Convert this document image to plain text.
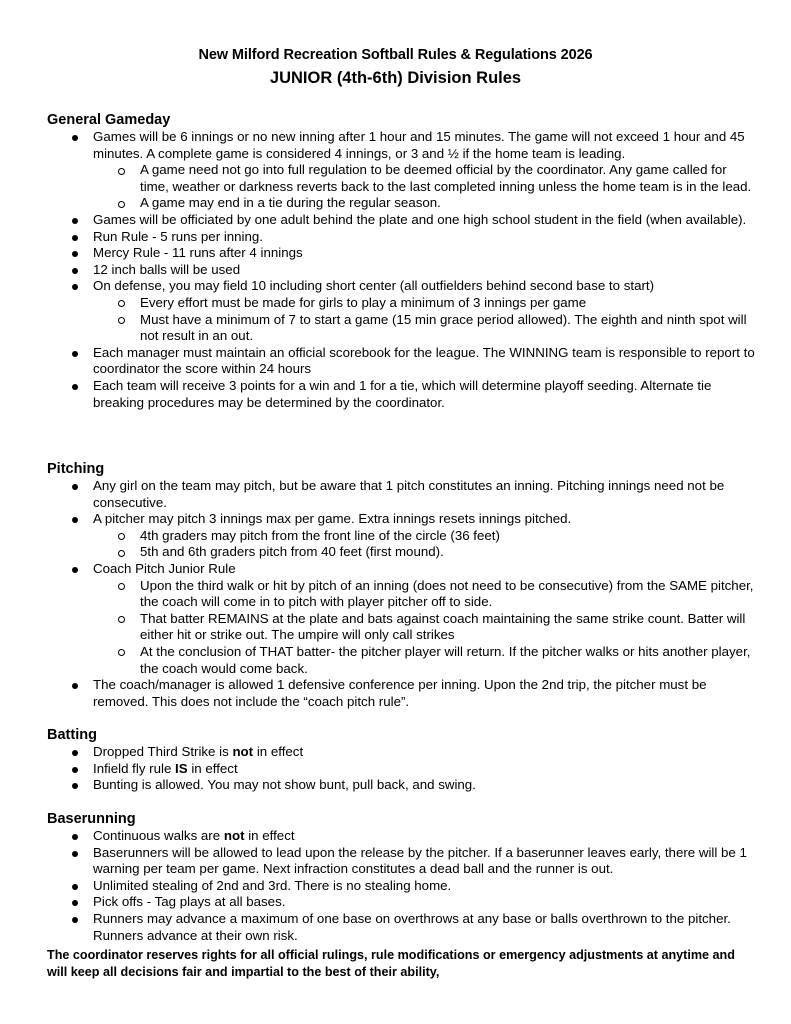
New Milford Recreation Softball Rules & Regulations 2026
JUNIOR (4th-6th) Division Rules
General Gameday
Games will be 6 innings or no new inning after 1 hour and 15 minutes. The game will not exceed 1 hour and 45 minutes. A complete game is considered 4 innings, or 3 and ½ if the home team is leading.
A game need not go into full regulation to be deemed official by the coordinator. Any game called for time, weather or darkness reverts back to the last completed inning unless the home team is in the lead.
A game may end in a tie during the regular season.
Games will be officiated by one adult behind the plate and one high school student in the field (when available).
Run Rule - 5 runs per inning.
Mercy Rule - 11 runs after 4 innings
12 inch balls will be used
On defense, you may field 10 including short center (all outfielders behind second base to start)
Every effort must be made for girls to play a minimum of 3 innings per game
Must have a minimum of 7 to start a game (15 min grace period allowed). The eighth and ninth spot will not result in an out.
Each manager must maintain an official scorebook for the league. The WINNING team is responsible to report to coordinator the score within 24 hours
Each team will receive 3 points for a win and 1 for a tie, which will determine playoff seeding. Alternate tie breaking procedures may be determined by the coordinator.
Pitching
Any girl on the team may pitch, but be aware that 1 pitch constitutes an inning. Pitching innings need not be consecutive.
A pitcher may pitch 3 innings max per game. Extra innings resets innings pitched.
4th graders may pitch from the front line of the circle (36 feet)
5th and 6th graders pitch from 40 feet (first mound).
Coach Pitch Junior Rule
Upon the third walk or hit by pitch of an inning (does not need to be consecutive) from the SAME pitcher, the coach will come in to pitch with player pitcher off to side.
That batter REMAINS at the plate and bats against coach maintaining the same strike count. Batter will either hit or strike out. The umpire will only call strikes
At the conclusion of THAT batter- the pitcher player will return. If the pitcher walks or hits another player, the coach would come back.
The coach/manager is allowed 1 defensive conference per inning. Upon the 2nd trip, the pitcher must be removed. This does not include the “coach pitch rule”.
Batting
Dropped Third Strike is not in effect
Infield fly rule IS in effect
Bunting is allowed. You may not show bunt, pull back, and swing.
Baserunning
Continuous walks are not in effect
Baserunners will be allowed to lead upon the release by the pitcher. If a baserunner leaves early, there will be 1 warning per team per game. Next infraction constitutes a dead ball and the runner is out.
Unlimited stealing of 2nd and 3rd. There is no stealing home.
Pick offs - Tag plays at all bases.
Runners may advance a maximum of one base on overthrows at any base or balls overthrown to the pitcher. Runners advance at their own risk.
The coordinator reserves rights for all official rulings, rule modifications or emergency adjustments at anytime and will keep all decisions fair and impartial to the best of their ability,
